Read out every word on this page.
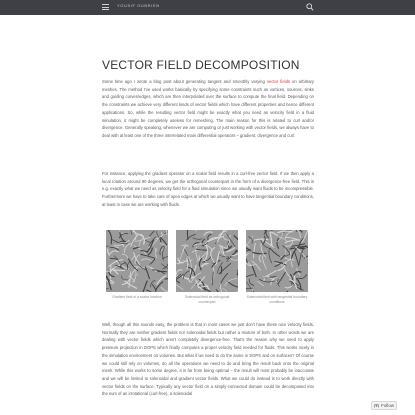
YOUSIF OUBRIEN
VECTOR FIELD DECOMPOSITION

Some time ago I wrote a blog post about generating tangent and smoothly varying vector fields on arbitrary meshes. The method I've used works basically by specifying some constraints such as vortices, sources, sinks and guiding curves/edges, which are then interpolated over the surface to compute the final field. Depending on the constraints we achieve very different kinds of vector fields which have different properties and hence different applications. So, while the resulting vector field might be exactly what you need as velocity field in a fluid simulation, it might be completely useless for remeshing. The main reason for this is related to curl and/or divergence. Generally speaking, whenever we are computing or just working with vector fields, we always have to deal with at least one of the three interrelated main differential operators – gradient, divergence and curl.

For instance, applying the gradient operator on a scalar field results in a curl-free vector field. If we then apply a local rotation around 90 degrees, we get the orthogonal counterpart in the form of a divergence-free field. This is e.g. exactly what we need as velocity field for a fluid simulation since we usually want fluids to be incompressible. Furthermore we have to take care of open edges at which we usually want to have tangential boundary conditions, at least in case we are working with fluids.

Gradient field of a scalar function	Solenoidal field as orthogonal counterpart
Solenoidal field with tangential boundary conditions

Well, though all this sounds easy, the problem is that in most cases we just don't have these nice velocity fields. Normally they are neither gradient fields nor solenoidal fields but rather a mixture of both. In other words we are dealing with vector fields which aren't completely divergence-free. That's the reason why we need to apply pressure projection in DOPS which finally computes a proper velocity field needed for fluids. This works nicely in the simulation environment on volumes. But what if we need to do the same in SOPS and on surfaces? Of course we could still rely on volumes, do all the operations we need to do and bring the result back onto the original mesh. While this works to some degree, it is far from being optimal – the result will most probably be inaccurate and we will be limited to solenoidal and gradient vector fields. What we could do instead is to work directly with vector fields on the surface. Typically any vector field on a simply-connected domain could be decomposed into the sum of an irrotational (curl-free), a solenoidal

Follow
